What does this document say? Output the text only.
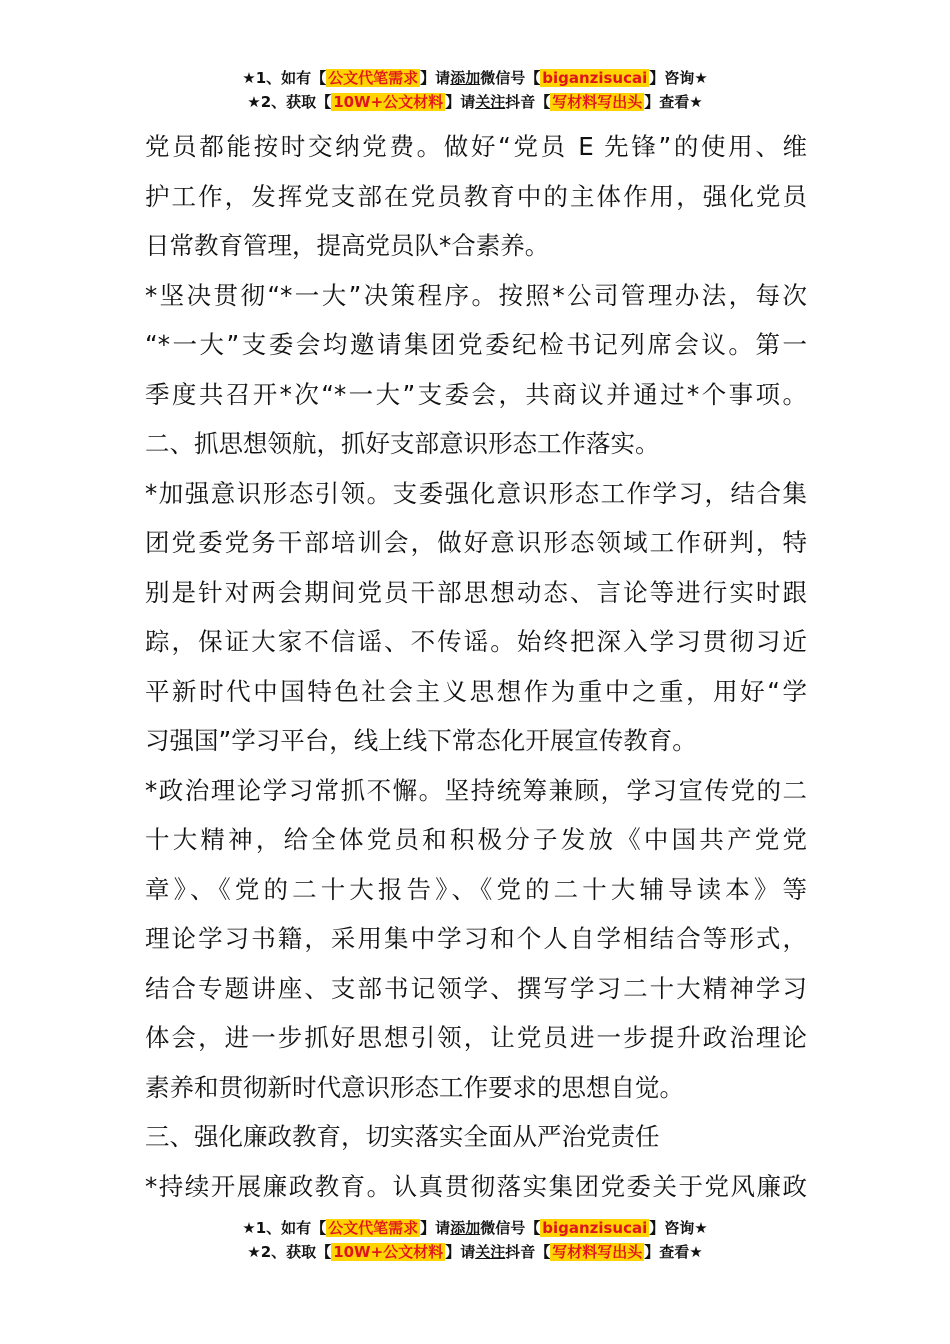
★1、如有【 公文代笔需求 】请添加微信号【 biganzisucai 】咨询★
★2、获取【 10W+公文材料 】请关注抖音【 写材料写出头 】查看★
党员都能按时交纳党费。做好“党员 E 先锋”的使用、维
护工作，发挥党支部在党员教育中的主体作用，强化党员
日常教育管理，提高党员队*合素养。
*坚决贯彻“*一大”决策程序。按照*公司管理办法，每次
“*一大”支委会均邀请集团党委纪检书记列席会议。第一
季度共召开*次“*一大”支委会，共商议并通过*个事项。
二、抓思想领航，抓好支部意识形态工作落实。
*加强意识形态引领。支委强化意识形态工作学习，结合集
团党委党务干部培训会，做好意识形态领域工作研判，特
别是针对两会期间党员干部思想动态、言论等进行实时跟
踪，保证大家不信谣、不传谣。始终把深入学习贯彻习近
平新时代中国特色社会主义思想作为重中之重，用好“学
习强国”学习平台，线上线下常态化开展宣传教育。
*政治理论学习常抓不懈。坚持统筹兼顾，学习宣传党的二
十大精神，给全体党员和积极分子发放《中国共产党党
章》、《党的二十大报告》、《党的二十大辅导读本》等
理论学习书籍，采用集中学习和个人自学相结合等形式，
结合专题讲座、支部书记领学、撰写学习二十大精神学习
体会，进一步抓好思想引领，让党员进一步提升政治理论
素养和贯彻新时代意识形态工作要求的思想自觉。
三、强化廉政教育，切实落实全面从严治党责任
*持续开展廉政教育。认真贯彻落实集团党委关于党风廉政
★1、如有【 公文代笔需求 】请添加微信号【 biganzisucai 】咨询★
★2、获取【 10W+公文材料 】请关注抖音【 写材料写出头 】查看★
